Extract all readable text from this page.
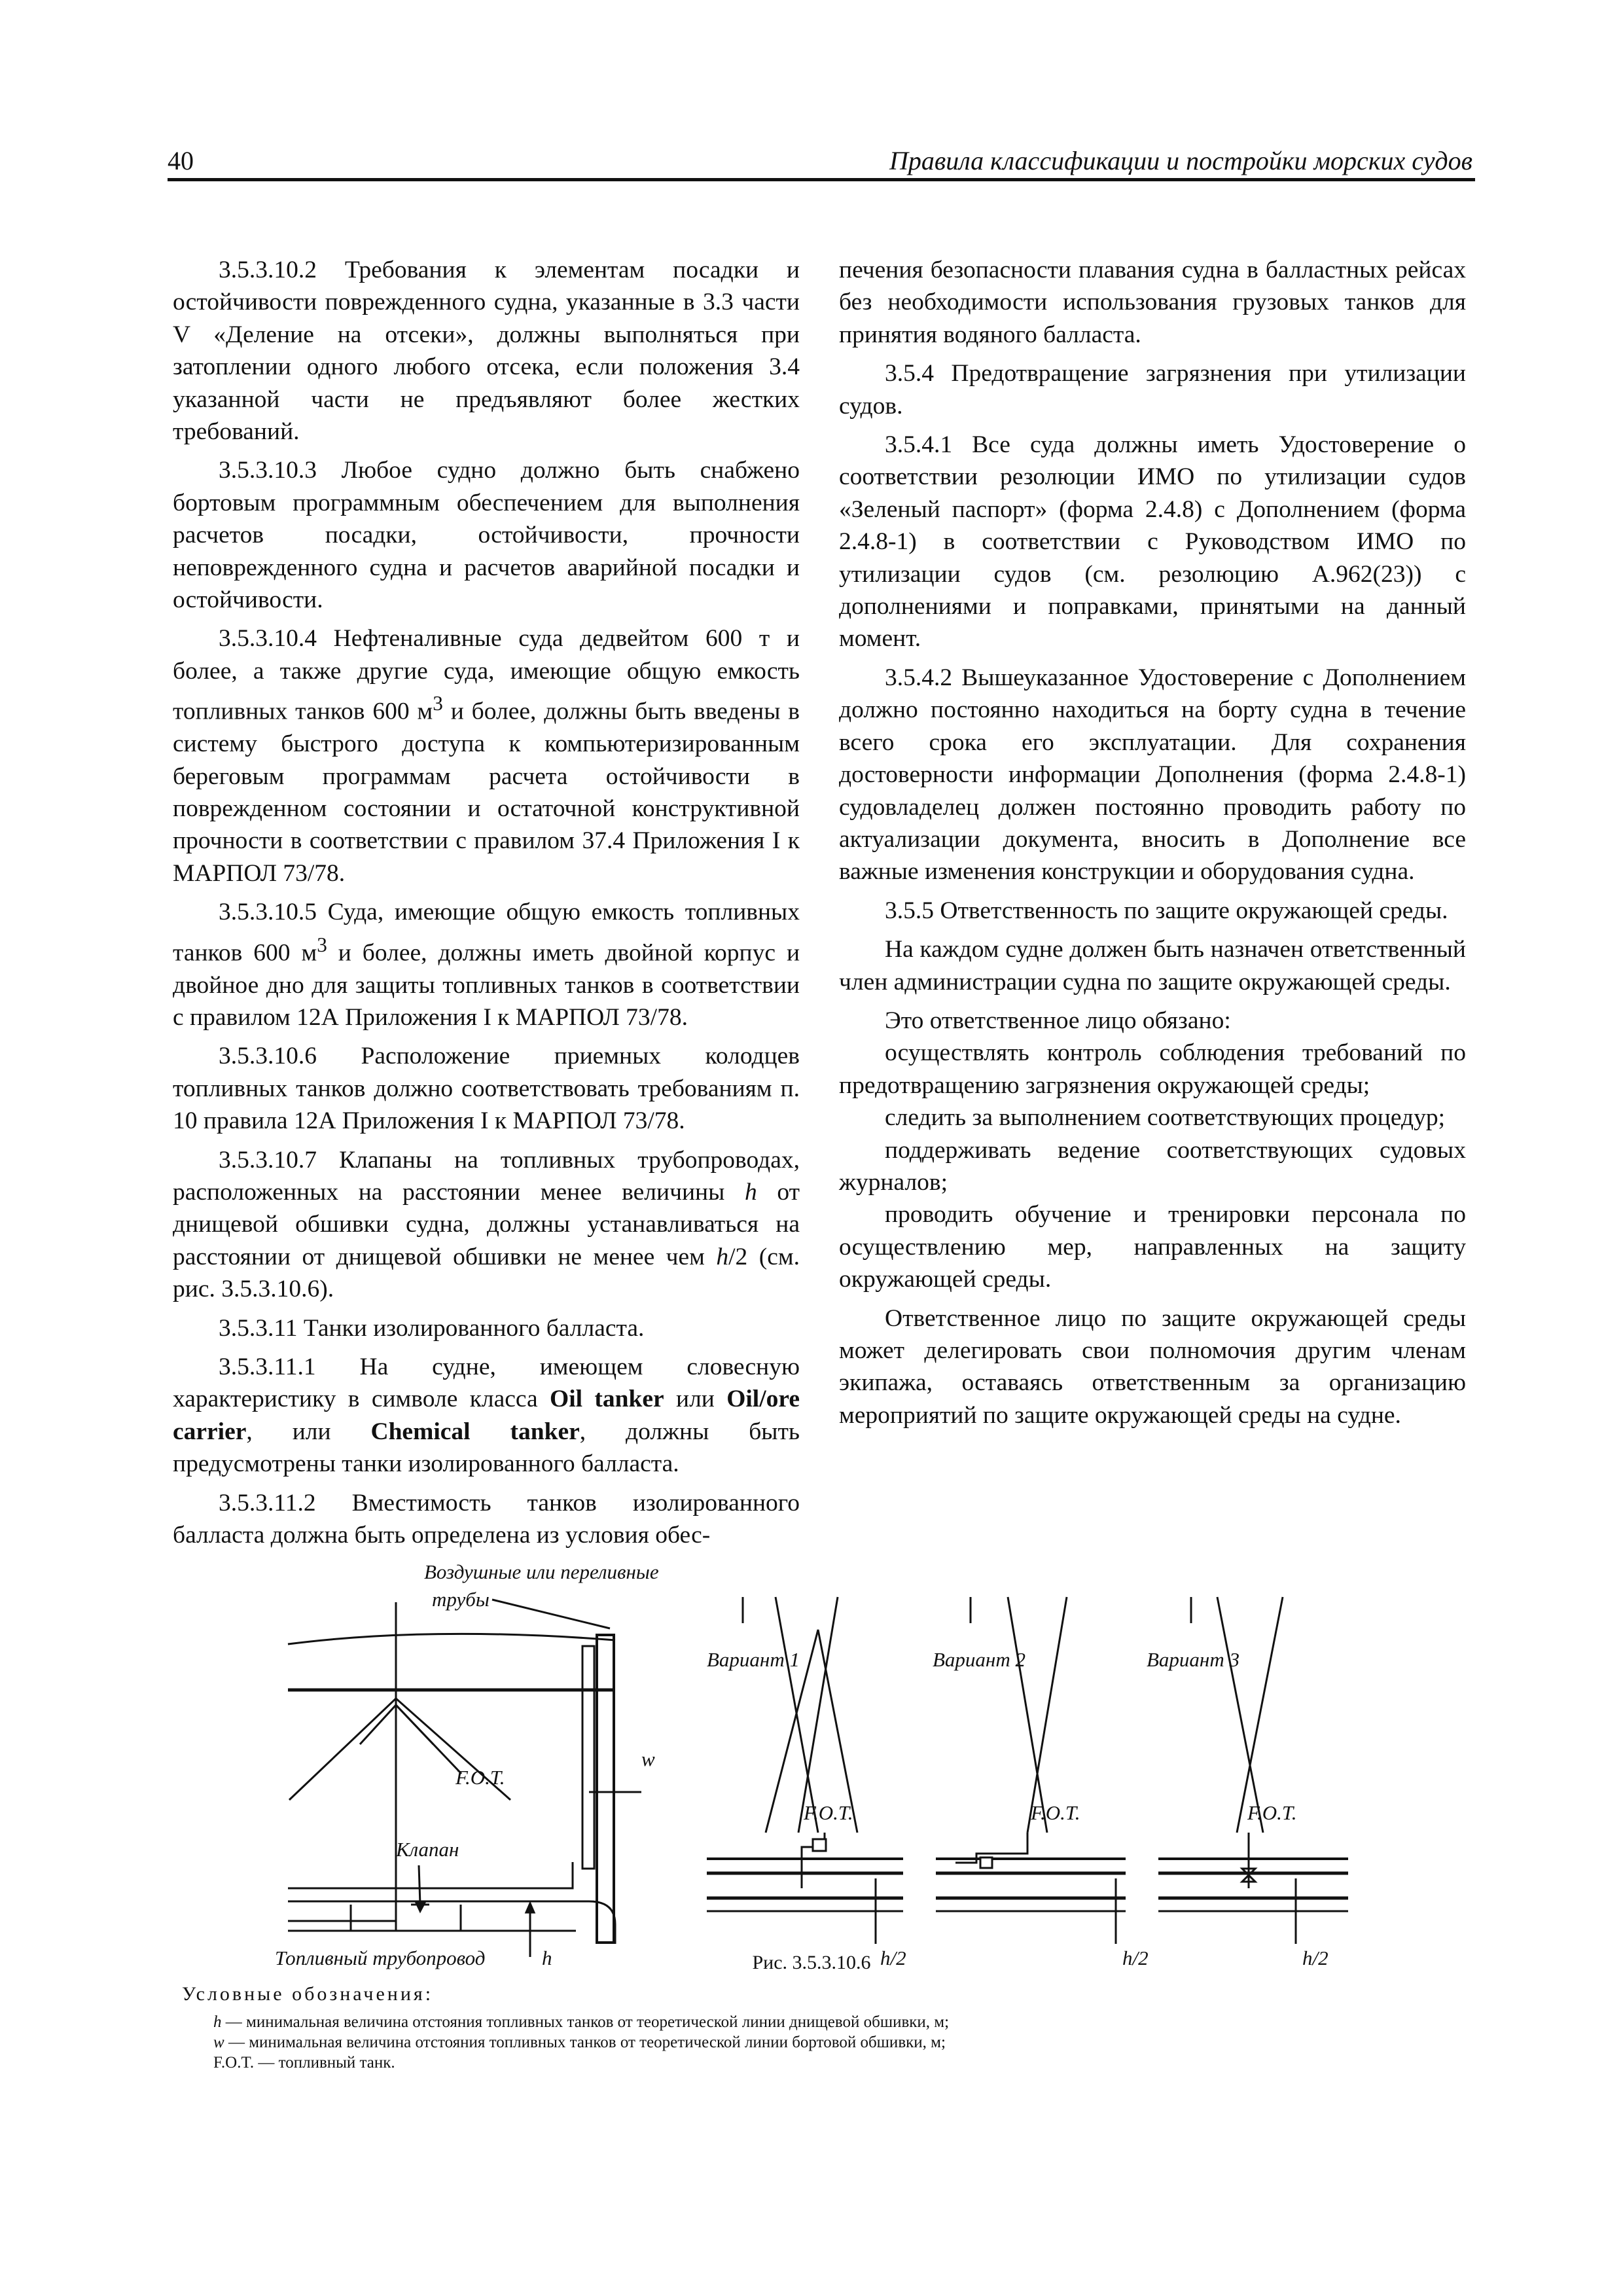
40	Правила классификации и постройки морских судов

3.5.3.10.2 Требования к элементам посадки и остойчивости поврежденного судна, указанные в 3.3 части V «Деление на отсеки», должны выполняться при затоплении одного любого отсека, если положения 3.4 указанной части не предъявляют более жестких требований.

3.5.3.10.3 Любое судно должно быть снабжено бортовым программным обеспечением для выполнения расчетов посадки, остойчивости, прочности неповрежденного судна и расчетов аварийной посадки и остойчивости.

3.5.3.10.4 Нефтеналивные суда дедвейтом 600 т и более, а также другие суда, имеющие общую емкость топливных танков 600 $м^3$ и более, должны быть введены в систему быстрого доступа к компьютеризированным береговым программам расчета остойчивости в поврежденном состоянии и остаточной конструктивной прочности в соответствии с правилом 37.4 Приложения I к МАРПОЛ 73/78.

3.5.3.10.5 Суда, имеющие общую емкость топливных танков 600 $м^3$ и более, должны иметь двойной корпус и двойное дно для защиты топливных танков в соответствии с правилом 12А Приложения I к МАРПОЛ 73/78.

3.5.3.10.6 Расположение приемных колодцев топливных танков должно соответствовать требованиям п. 10 правила 12А Приложения I к МАРПОЛ 73/78.

3.5.3.10.7 Клапаны на топливных трубопроводах, расположенных на расстоянии менее величины h от днищевой обшивки судна, должны устанавливаться на расстоянии от днищевой обшивки не менее чем h/2 (см. рис. 3.5.3.10.6).

3.5.3.11 Танки изолированного балласта.

3.5.3.11.1 На судне, имеющем словесную характеристику в символе класса Oil tanker или Oil/ore carrier, или Chemical tanker, должны быть предусмотрены танки изолированного балласта.

3.5.3.11.2 Вместимость танков изолированного балласта должна быть определена из условия обес-

печения безопасности плавания судна в балластных рейсах без необходимости использования грузовых танков для принятия водяного балласта.

3.5.4 Предотвращение загрязнения при утилизации судов.

3.5.4.1 Все суда должны иметь Удостоверение о соответствии резолюции ИМО по утилизации судов «Зеленый паспорт» (форма 2.4.8) с Дополнением (форма 2.4.8-1) в соответствии с Руководством ИМО по утилизации судов (см. резолюцию А.962(23)) с дополнениями и поправками, принятыми на данный момент.

3.5.4.2 Вышеуказанное Удостоверение с Дополнением должно постоянно находиться на борту судна в течение всего срока его эксплуатации. Для сохранения достоверности информации Дополнения (форма 2.4.8-1) судовладелец должен постоянно проводить работу по актуализации документа, вносить в Дополнение все важные изменения конструкции и оборудования судна.

3.5.5 Ответственность по защите окружающей среды.

На каждом судне должен быть назначен ответственный член администрации судна по защите окружающей среды.

Это ответственное лицо обязано:

осуществлять контроль соблюдения требований по предотвращению загрязнения окружающей среды;

следить за выполнением соответствующих процедур;

поддерживать ведение соответствующих судовых журналов;

проводить обучение и тренировки персонала по осуществлению мер, направленных на защиту окружающей среды.

Ответственное лицо по защите окружающей среды может делегировать свои полномочия другим членам экипажа, оставаясь ответственным за организацию мероприятий по защите окружающей среды на судне.

Воздушные или переливные
трубы
F.O.T.
w
Клапан
Топливный трубопровод	h
Вариант 1
F.O.T.
h/2
Вариант 2
F.O.T.
h/2
Вариант 3
F.O.T.
h/2
Рис. 3.5.3.10.6
Условные обозначения:
h — минимальная величина отстояния топливных танков от теоретической линии днищевой обшивки, м;
w — минимальная величина отстояния топливных танков от теоретической линии бортовой обшивки, м;
F.O.T. — топливный танк.
